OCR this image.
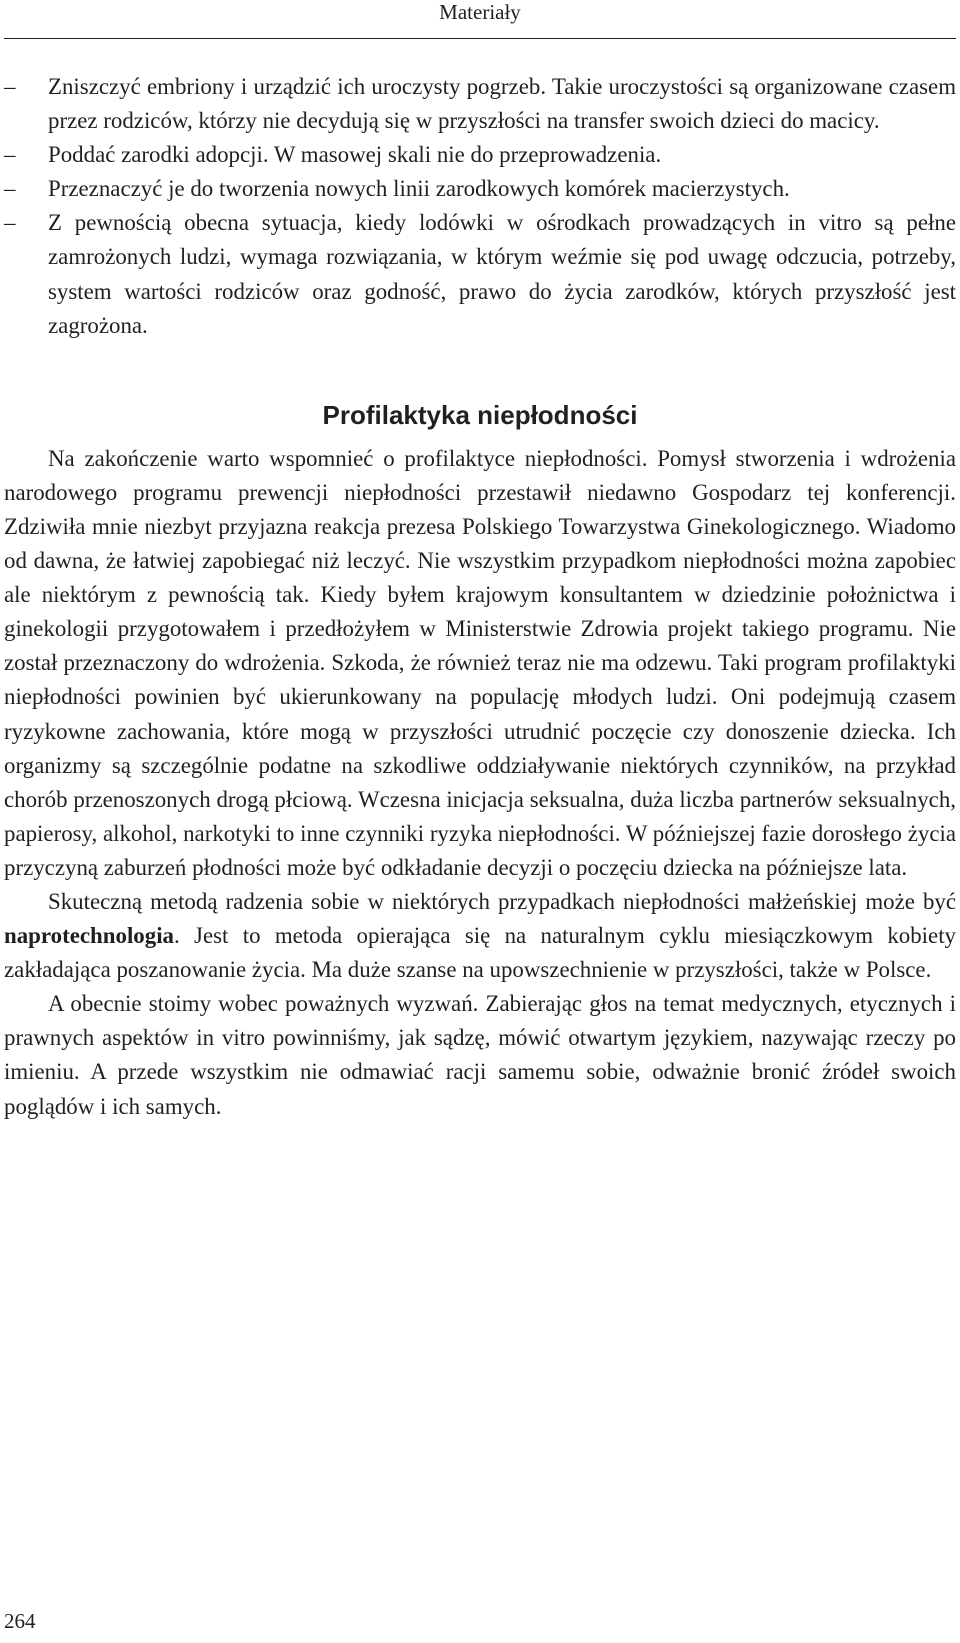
Materiały
– Zniszczyć embriony i urządzić ich uroczysty pogrzeb. Takie uroczystości są organizowane czasem przez rodziców, którzy nie decydują się w przyszłości na transfer swoich dzieci do macicy.
– Poddać zarodki adopcji. W masowej skali nie do przeprowadzenia.
– Przeznaczyć je do tworzenia nowych linii zarodkowych komórek macierzystych.
– Z pewnością obecna sytuacja, kiedy lodówki w ośrodkach prowadzących in vitro są pełne zamrożonych ludzi, wymaga rozwiązania, w którym weźmie się pod uwagę odczucia, potrzeby, system wartości rodziców oraz godność, prawo do życia zarodków, których przyszłość jest zagrożona.
Profilaktyka niepłodności

Na zakończenie warto wspomnieć o profilaktyce niepłodności. Pomysł stworzenia i wdrożenia narodowego programu prewencji niepłodności przestawił niedawno Gospodarz tej konferencji. Zdziwiła mnie niezbyt przyjazna reakcja prezesa Polskiego Towarzystwa Ginekologicznego. Wiadomo od dawna, że łatwiej zapobiegać niż leczyć. Nie wszystkim przypadkom niepłodności można zapobiec ale niektórym z pewnością tak. Kiedy byłem krajowym konsultantem w dziedzinie położnictwa i ginekologii przygotowałem i przedłożyłem w Ministerstwie Zdrowia projekt takiego programu. Nie został przeznaczony do wdrożenia. Szkoda, że również teraz nie ma odzewu. Taki program profilaktyki niepłodności powinien być ukierunkowany na populację młodych ludzi. Oni podejmują czasem ryzykowne zachowania, które mogą w przyszłości utrudnić poczęcie czy donoszenie dziecka. Ich organizmy są szczególnie podatne na szkodliwe oddziaływanie niektórych czynników, na przykład chorób przenoszonych drogą płciową. Wczesna inicjacja seksualna, duża liczba partnerów seksualnych, papierosy, alkohol, narkotyki to inne czynniki ryzyka niepłodności. W późniejszej fazie dorosłego życia przyczyną zaburzeń płodności może być odkładanie decyzji o poczęciu dziecka na późniejsze lata.

Skuteczną metodą radzenia sobie w niektórych przypadkach niepłodności małżeńskiej może być naprotechnologia. Jest to metoda opierająca się na naturalnym cyklu miesiączkowym kobiety zakładająca poszanowanie życia. Ma duże szanse na upowszechnienie w przyszłości, także w Polsce.

A obecnie stoimy wobec poważnych wyzwań. Zabierając głos na temat medycznych, etycznych i prawnych aspektów in vitro powinniśmy, jak sądzę, mówić otwartym językiem, nazywając rzeczy po imieniu. A przede wszystkim nie odmawiać racji samemu sobie, odważnie bronić źródeł swoich poglądów i ich samych.

264
